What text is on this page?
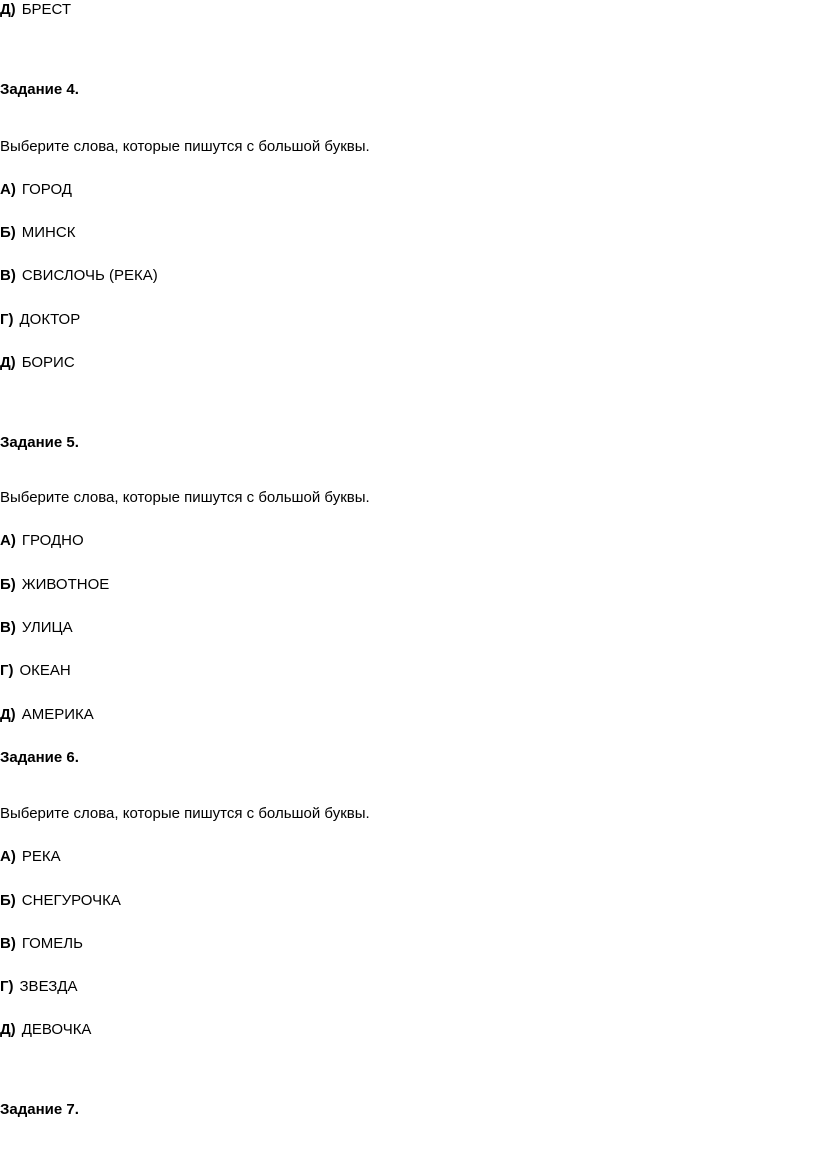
Д) БРЕСТ
Задание 4.
Выберите слова, которые пишутся с большой буквы.
А) ГОРОД
Б) МИНСК
В) СВИСЛОЧЬ (РЕКА)
Г) ДОКТОР
Д) БОРИС
Задание 5.
Выберите слова, которые пишутся с большой буквы.
А) ГРОДНО
Б) ЖИВОТНОЕ
В) УЛИЦА
Г) ОКЕАН
Д) АМЕРИКА
Задание 6.
Выберите слова, которые пишутся с большой буквы.
А) РЕКА
Б) СНЕГУРОЧКА
В) ГОМЕЛЬ
Г) ЗВЕЗДА
Д) ДЕВОЧКА
Задание 7.
